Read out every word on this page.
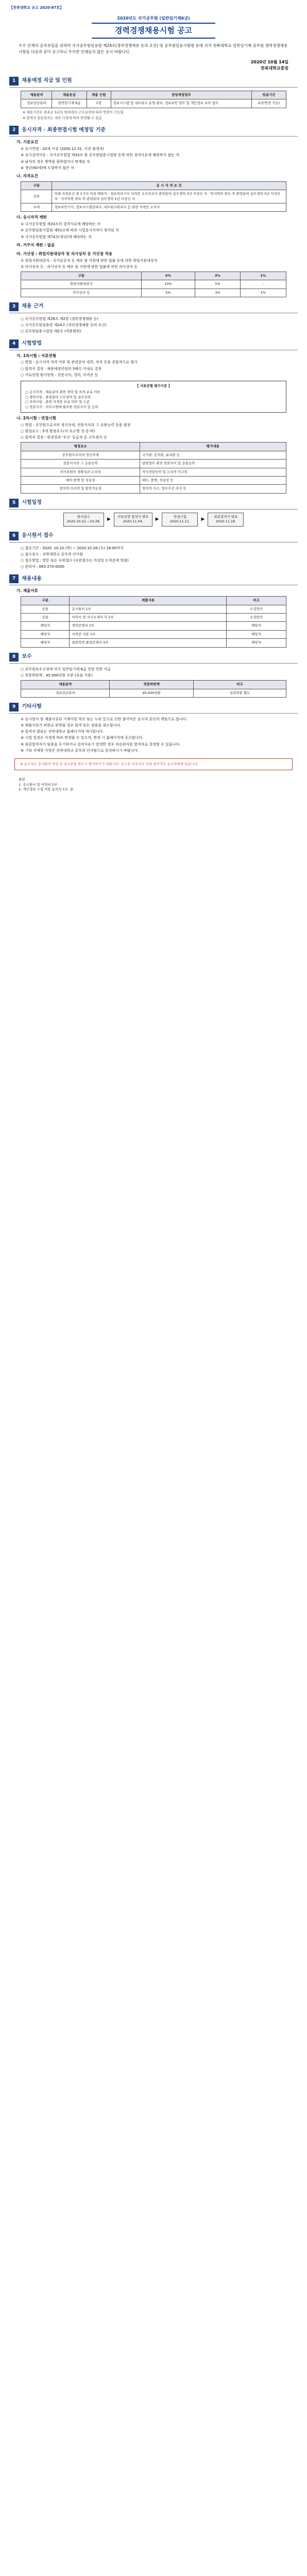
【전북대학교 공고 2020-87호】
2020년도 국가공무원 (일반임기제6급)
경력경쟁채용시험 공고
우수 인재의 공직유입을 위하여 국가공무원임용령 제24조(경력경쟁채용 등의 요건) 및 공무원임용시험령 등에 의거 전북대학교 일반임기제 공무원 경력경쟁채용시험을 다음과 같이 공고하니 우수한 인재들의 많은 응시 바랍니다.
2020년 10월 14일
전북대학교총장
1	채용예정 직급 및 인원
채용분야	채용등급	채용 인원	담당예정업무	임용기간
정보전산분야	일반임기제 6급	1명	정보시스템 및 네트워크 운영 관리, 정보보안 업무 및 개인정보 보호 업무	2년(연장 가능)
※ 채용기간은 최초로 5년의 범위에서 근무실적에 따라 연장이 가능함
※ 합격자 임용일자는 내부 사정에 따라 변경될 수 있음
2	응시자격 · 최종면접시험 예정일 기준
가. 기본요건
① 응시연령 : 20세 이상 (2000.12.31. 이전 출생자)
② 응시결격사유 : 국가공무원법 제33조 및 공무원임용시험령 등에 의한 결격사유에 해당하지 않는 자
③ 남자의 경우 병역을 필하였거나 면제된 자
④ 정년(60세)에 도달하지 않은 자
나. 자격요건
구분	응 시 자 격 요 건
공통	아래 자격요건 중 1가지 이상 해당자 · 정보처리기사 자격증 소지자로서 관련분야 실무경력 3년 이상인 자 · 학사학위 취득 후 관련분야 실무경력 3년 이상인 자 · 석사학위 취득 후 관련분야 실무경력 1년 이상인 자
우대	정보보안기사, 정보시스템감리사, 네트워크관리사 등 관련 자격증 소지자
다. 응시자격 제한
① 국가공무원법 제33조의 결격사유에 해당하는 자
② 공무원임용시험령 제51조에 따라 시험응시자격이 정지된 자
③ 국가공무원법 제74조(정년)에 해당하는 자
라. 거주지 제한 : 없음
마. 가산점 : 취업지원대상자 및 의사상자 등 가산점 적용
① 취업지원대상자 : 국가유공자 등 예우 및 지원에 관한 법률 등에 의한 취업지원대상자
② 의사상자 등 : 의사상자 등 예우 및 지원에 관한 법률에 의한 의사상자 등
구분	5%	3%	1%
취업지원대상자	10%	5%	-
의사상자 등	5%	3%	1%
3	채용 근거
○ 국가공무원법 제28조 제2항 (경력경쟁채용 등)
○ 국가공무원임용령 제24조 (경력경쟁채용 등의 요건)
○ 공무원임용시험령 제2조 (적용범위)
4	시험방법
가. 1차시험 : 서류전형
○ 방법 : 응시자격 적격 여부 및 관련분야 경력, 자격 등을 종합적으로 평가
○ 합격자 결정 : 채용예정인원의 3배수 이내로 결정
○ 서류전형 평가항목 : 전문지식, 경력, 자격증 등
【 서류전형 평가기준 】
○ 응시자격 : 채용분야 관련 경력 및 자격 보유 여부
○ 경력사항 : 관련분야 근무경력 및 실무능력
○ 자격사항 : 관련 자격증 보유 여부 및 수준
○ 전문지식 : 직무수행에 필요한 전문지식 및 능력
나. 2차시험 : 면접시험
○ 방법 : 공무원으로서의 정신자세, 전문지식과 그 응용능력 등을 평정
○ 평정요소 : 5개 평정요소(각 요소별 상·중·하)
○ 합격자 결정 : 평정결과 '우수' 등급자 중 고득점자 순
평정요소	평가내용
공무원으로서의 정신자세	국가관, 공직관, 윤리관 등
전문지식과 그 응용능력	담당업무 관련 전문지식 및 응용능력
의사표현의 정확성과 논리성	의사전달능력 및 논리적 사고력
예의·품행 및 성실성	태도, 품행, 성실성 등
창의력·의지력 및 발전가능성	창의적 사고, 업무추진 의지 등
5	시험일정
원서접수
2020.10.22.~10.28. ▶ 서류전형 합격자 발표
2020.11.04.	▶	면접시험
2020.11.11.	▶	최종합격자 발표
2020.11.18.
6	응시원서 접수
○ 접수기간 : 2020. 10.22.(목) ~ 2020.10.28.(수) 18:00까지
○ 접수장소 : 전북대학교 총무과 인사팀
○ 접수방법 : 방문 또는 우편접수 (우편접수는 마감일 도착분에 한함)
○ 문의처 : 063-270-0000
7	채용내용
가. 제출서류
구분	제출서류	비고
공통	응시원서 1부	소정양식
공통	이력서 및 자기소개서 각 1부	소정양식
해당자	경력증명서 1부	해당자
해당자	자격증 사본 1부	해당자
해당자	최종학력 졸업증명서 1부	해당자
8	보수
○ 공무원보수규정에 의거 일반임기제 6급 상당 연봉 지급
○ 연봉하한액 : 45,000천원 수준 (초임 기준)
채용분야	연봉하한액	비고
정보전산분야	45,000천원	성과연봉 별도
9	기타사항
① 응시원서 및 제출서류의 기재사항 착오 또는 누락 등으로 인한 불이익은 응시자 본인의 책임으로 합니다.
② 제출서류가 허위로 판명될 경우 합격 또는 임용을 취소합니다.
③ 합격자 발표는 전북대학교 홈페이지에 게시합니다.
④ 시험 일정은 사정에 따라 변경될 수 있으며, 변경 시 홈페이지에 공고합니다.
⑤ 최종합격자가 임용을 포기하거나 결격사유가 발생한 경우 차순위자를 합격자로 결정할 수 있습니다.
⑥ 기타 자세한 사항은 전북대학교 총무과 인사팀으로 문의하시기 바랍니다.
※ 응시자는 응시원서 작성 전 공고문을 반드시 확인하시기 바랍니다. 공고문 미숙지로 인한 불이익은 응시자에게 있습니다.
붙임
1. 응시원서 및 이력서 1부.
2. 개인정보 수집 이용 동의서 1부. 끝.
